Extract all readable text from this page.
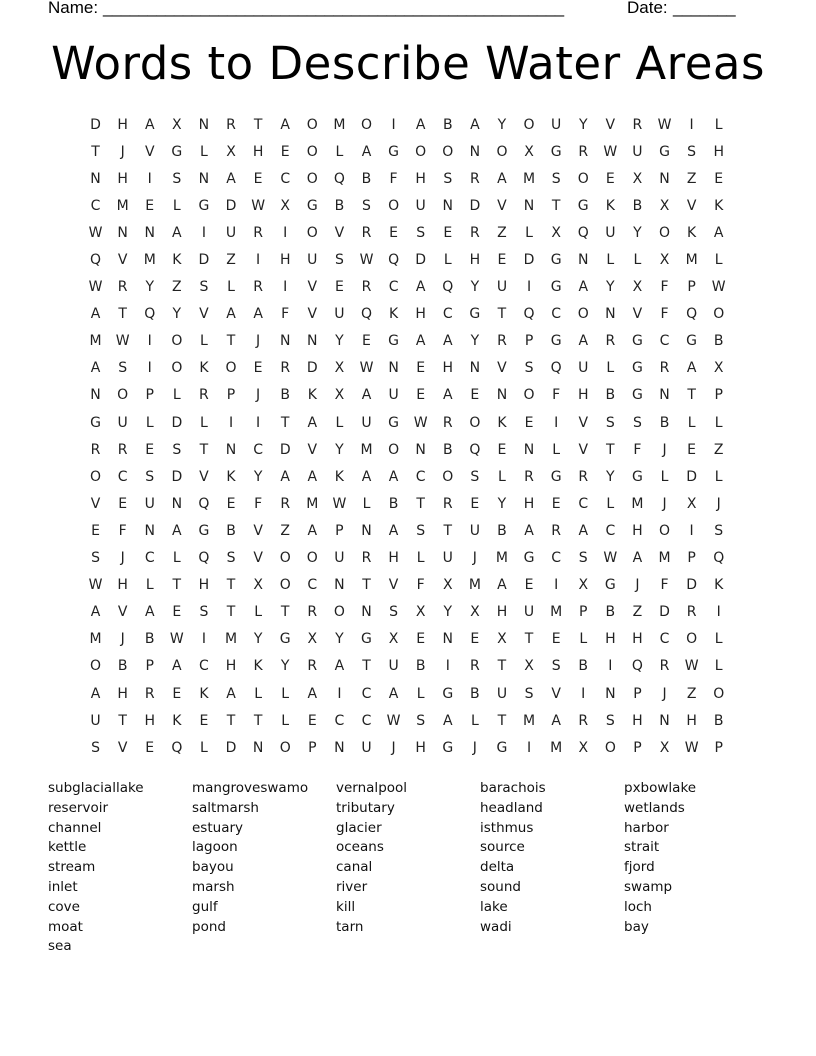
Name: ____________________________________________________	Date: _______
Words to Describe Water Areas
D	H	A	X	N	R	T	A	O	M	O	I	A	B	A	Y	O	U	Y	V	R	W	I	L
T	J	V	G	L	X	H	E	O	L	A	G	O	O	N	O	X	G	R	W	U	G	S	H
N	H	I	S	N	A	E	C	O	Q	B	F	H	S	R	A	M	S	O	E	X	N	Z	E
C	M	E	L	G	D	W	X	G	B	S	O	U	N	D	V	N	T	G	K	B	X	V	K
W	N	N	A	I	U	R	I	O	V	R	E	S	E	R	Z	L	X	Q	U	Y	O	K	A
Q	V	M	K	D	Z	I	H	U	S	W	Q	D	L	H	E	D	G	N	L	L	X	M	L
W	R	Y	Z	S	L	R	I	V	E	R	C	A	Q	Y	U	I	G	A	Y	X	F	P	W
A	T	Q	Y	V	A	A	F	V	U	Q	K	H	C	G	T	Q	C	O	N	V	F	Q	O
M	W	I	O	L	T	J	N	N	Y	E	G	A	A	Y	R	P	G	A	R	G	C	G	B
A	S	I	O	K	O	E	R	D	X	W	N	E	H	N	V	S	Q	U	L	G	R	A	X
N	O	P	L	R	P	J	B	K	X	A	U	E	A	E	N	O	F	H	B	G	N	T	P
G	U	L	D	L	I	I	T	A	L	U	G	W	R	O	K	E	I	V	S	S	B	L	L
R	R	E	S	T	N	C	D	V	Y	M	O	N	B	Q	E	N	L	V	T	F	J	E	Z
O	C	S	D	V	K	Y	A	A	K	A	A	C	O	S	L	R	G	R	Y	G	L	D	L
V	E	U	N	Q	E	F	R	M	W	L	B	T	R	E	Y	H	E	C	L	M	J	X	J
E	F	N	A	G	B	V	Z	A	P	N	A	S	T	U	B	A	R	A	C	H	O	I	S
S	J	C	L	Q	S	V	O	O	U	R	H	L	U	J	M	G	C	S	W	A	M	P	Q
W	H	L	T	H	T	X	O	C	N	T	V	F	X	M	A	E	I	X	G	J	F	D	K
A	V	A	E	S	T	L	T	R	O	N	S	X	Y	X	H	U	M	P	B	Z	D	R	I
M	J	B	W	I	M	Y	G	X	Y	G	X	E	N	E	X	T	E	L	H	H	C	O	L
O	B	P	A	C	H	K	Y	R	A	T	U	B	I	R	T	X	S	B	I	Q	R	W	L
A	H	R	E	K	A	L	L	A	I	C	A	L	G	B	U	S	V	I	N	P	J	Z	O
U	T	H	K	E	T	T	L	E	C	C	W	S	A	L	T	M	A	R	S	H	N	H	B
S	V	E	Q	L	D	N	O	P	N	U	J	H	G	J	G	I	M	X	O	P	X	W	P
subglaciallake
reservoir
channel
kettle
stream
inlet
cove
moat
sea
mangroveswamo
saltmarsh
estuary
lagoon
bayou
marsh
gulf
pond
vernalpool
tributary
glacier
oceans
canal
river
kill
tarn
barachois
headland
isthmus
source
delta
sound
lake
wadi
pxbowlake
wetlands
harbor
strait
fjord
swamp
loch
bay
